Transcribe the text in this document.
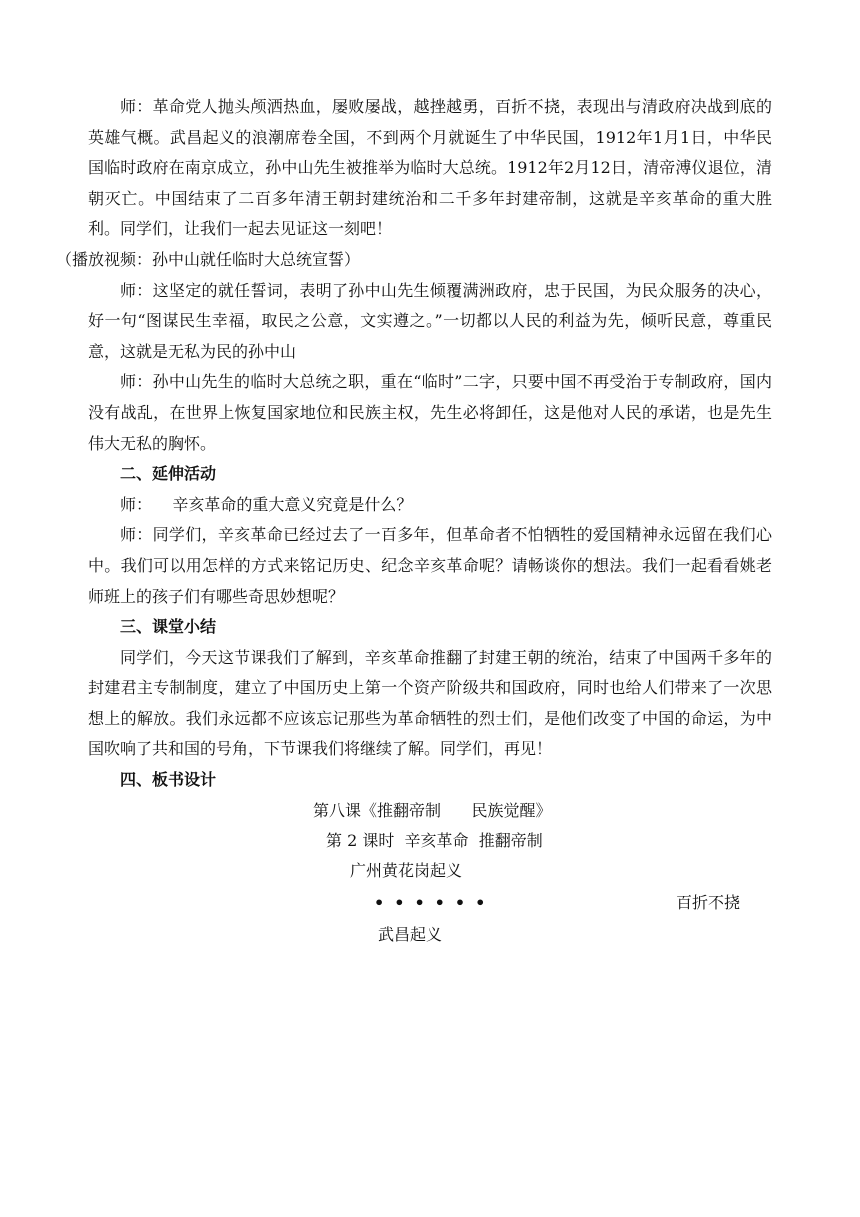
师：革命党人抛头颅洒热血，屡败屡战，越挫越勇，百折不挠，表现出与清政府决战到底的英雄气概。武昌起义的浪潮席卷全国，不到两个月就诞生了中华民国，1912年1月1日，中华民国临时政府在南京成立，孙中山先生被推举为临时大总统。1912年2月12日，清帝溥仪退位，清朝灭亡。中国结束了二百多年清王朝封建统治和二千多年封建帝制，这就是辛亥革命的重大胜利。同学们，让我们一起去见证这一刻吧！
（播放视频：孙中山就任临时大总统宣誓）

师：这坚定的就任誓词，表明了孙中山先生倾覆满洲政府，忠于民国，为民众服务的决心，好一句“图谋民生幸福，取民之公意，文实遵之。”一切都以人民的利益为先，倾听民意，尊重民意，这就是无私为民的孙中山

师：孙中山先生的临时大总统之职，重在“临时”二字，只要中国不再受治于专制政府，国内没有战乱，在世界上恢复国家地位和民族主权，先生必将卸任，这是他对人民的承诺，也是先生伟大无私的胸怀。

二、延伸活动

师：    辛亥革命的重大意义究竟是什么？

师：同学们，辛亥革命已经过去了一百多年，但革命者不怕牺牲的爱国精神永远留在我们心中。我们可以用怎样的方式来铭记历史、纪念辛亥革命呢？请畅谈你的想法。我们一起看看姚老师班上的孩子们有哪些奇思妙想呢？

三、课堂小结

同学们，今天这节课我们了解到，辛亥革命推翻了封建王朝的统治，结束了中国两千多年的封建君主专制制度，建立了中国历史上第一个资产阶级共和国政府，同时也给人们带来了一次思想上的解放。我们永远都不应该忘记那些为革命牺牲的烈士们，是他们改变了中国的命运，为中国吹响了共和国的号角，下节课我们将继续了解。同学们，再见！

四、板书设计
第八课《推翻帝制      民族觉醒》
第 2 课时  辛亥革命  推翻帝制
广州黄花岗起义
••••••	百折不挠
武昌起义
